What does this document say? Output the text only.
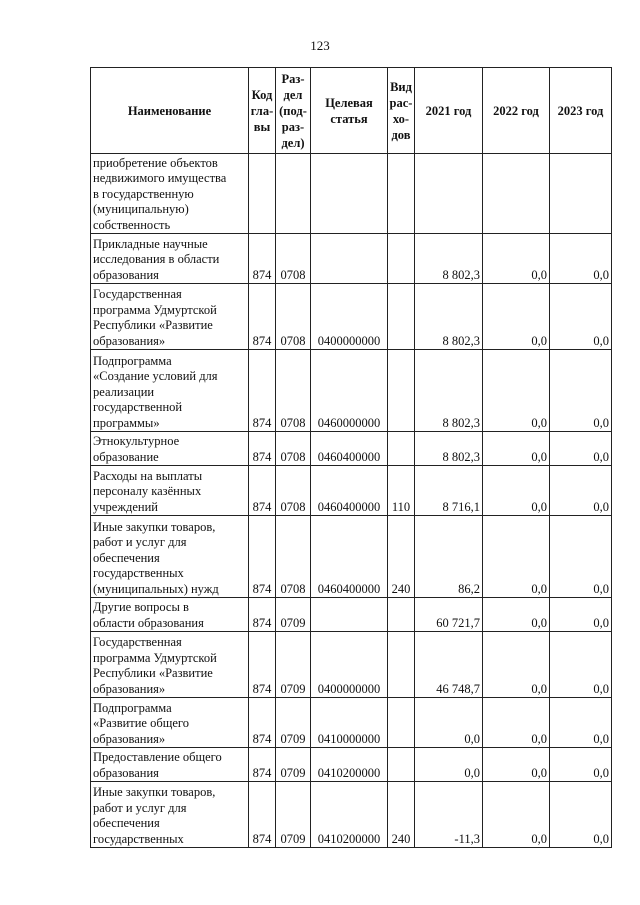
123
Наименование	Код
гла-
вы	Раз-
дел
(под-
раз-
дел)	Целевая
статья	Вид
рас-
хо-
дов	2021 год	2022 год	2023 год
приобретение объектов
недвижимого имущества
в государственную
(муниципальную)
собственность							
Прикладные научные
исследования в области
образования	874	0708			8 802,3	0,0	0,0
Государственная
программа Удмуртской
Республики «Развитие
образования»	874	0708	0400000000		8 802,3	0,0	0,0
Подпрограмма
«Создание условий для
реализации
государственной
программы»	874	0708	0460000000		8 802,3	0,0	0,0
Этнокультурное
образование	874	0708	0460400000		8 802,3	0,0	0,0
Расходы на выплаты
персоналу казённых
учреждений	874	0708	0460400000	110	8 716,1	0,0	0,0
Иные закупки товаров,
работ и услуг для
обеспечения
государственных
(муниципальных) нужд	874	0708	0460400000	240	86,2	0,0	0,0
Другие вопросы в
области образования	874	0709			60 721,7	0,0	0,0
Государственная
программа Удмуртской
Республики «Развитие
образования»	874	0709	0400000000		46 748,7	0,0	0,0
Подпрограмма
«Развитие общего
образования»	874	0709	0410000000		0,0	0,0	0,0
Предоставление общего
образования	874	0709	0410200000		0,0	0,0	0,0
Иные закупки товаров,
работ и услуг для
обеспечения
государственных	874	0709	0410200000	240	-11,3	0,0	0,0
